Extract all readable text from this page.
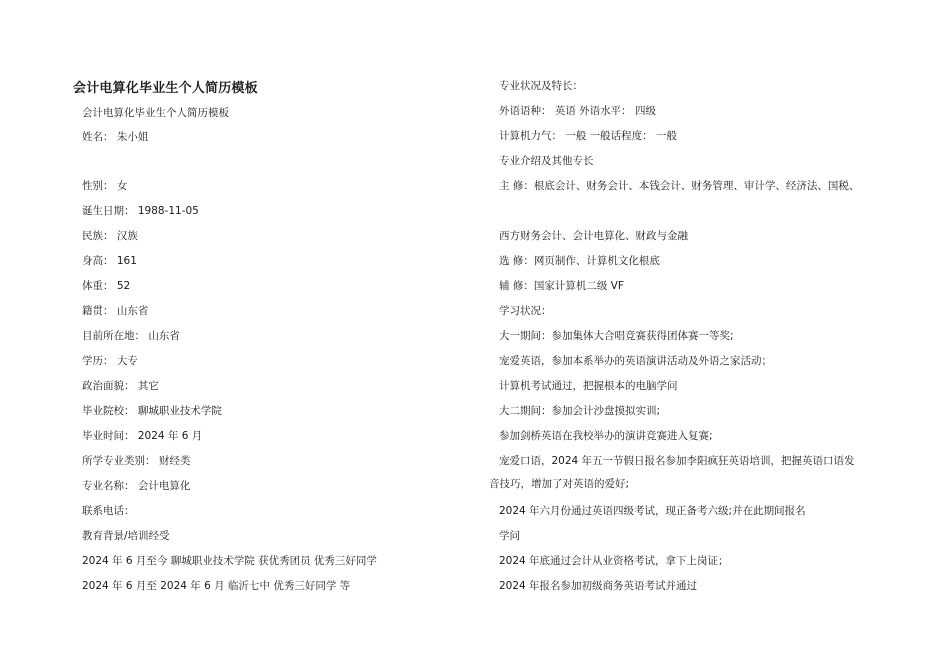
会计电算化毕业生个人简历模板
会计电算化毕业生个人简历模板
姓名： 朱小姐
性别： 女
诞生日期： 1988-11-05
民族： 汉族
身高： 161
体重： 52
籍贯： 山东省
目前所在地： 山东省
学历： 大专
政治面貌： 其它
毕业院校： 聊城职业技术学院
毕业时间： 2024 年 6 月
所学专业类别： 财经类
专业名称： 会计电算化
联系电话：
教育背景/培训经受
2024 年 6 月至今 聊城职业技术学院 获优秀团员 优秀三好同学
2024 年 6 月至 2024 年 6 月 临沂七中 优秀三好同学 等
专业状况及特长：
外语语种： 英语 外语水平： 四级
计算机力气： 一般 一般话程度： 一般
专业介绍及其他专长
主 修：根底会计、财务会计、本钱会计、财务管理、审计学、经济法、国税、
西方财务会计、会计电算化、财政与金融
选 修：网页制作、计算机文化根底
辅 修：国家计算机二级 VF
学习状况：
大一期间：参加集体大合唱竞赛获得团体赛一等奖;
宠爱英语，参加本系举办的英语演讲活动及外语之家活动；
计算机考试通过，把握根本的电脑学问
大二期间：参加会计沙盘摸拟实训;
参加剑桥英语在我校举办的演讲竞赛进入复赛;
宠爱口语，2024 年五一节假日报名参加李阳疯狂英语培训，把握英语口语发
音技巧，增加了对英语的爱好;
2024 年六月份通过英语四级考试，现正备考六级;并在此期间报名
学问
2024 年底通过会计从业资格考试，拿下上岗证；
2024 年报名参加初级商务英语考试并通过
